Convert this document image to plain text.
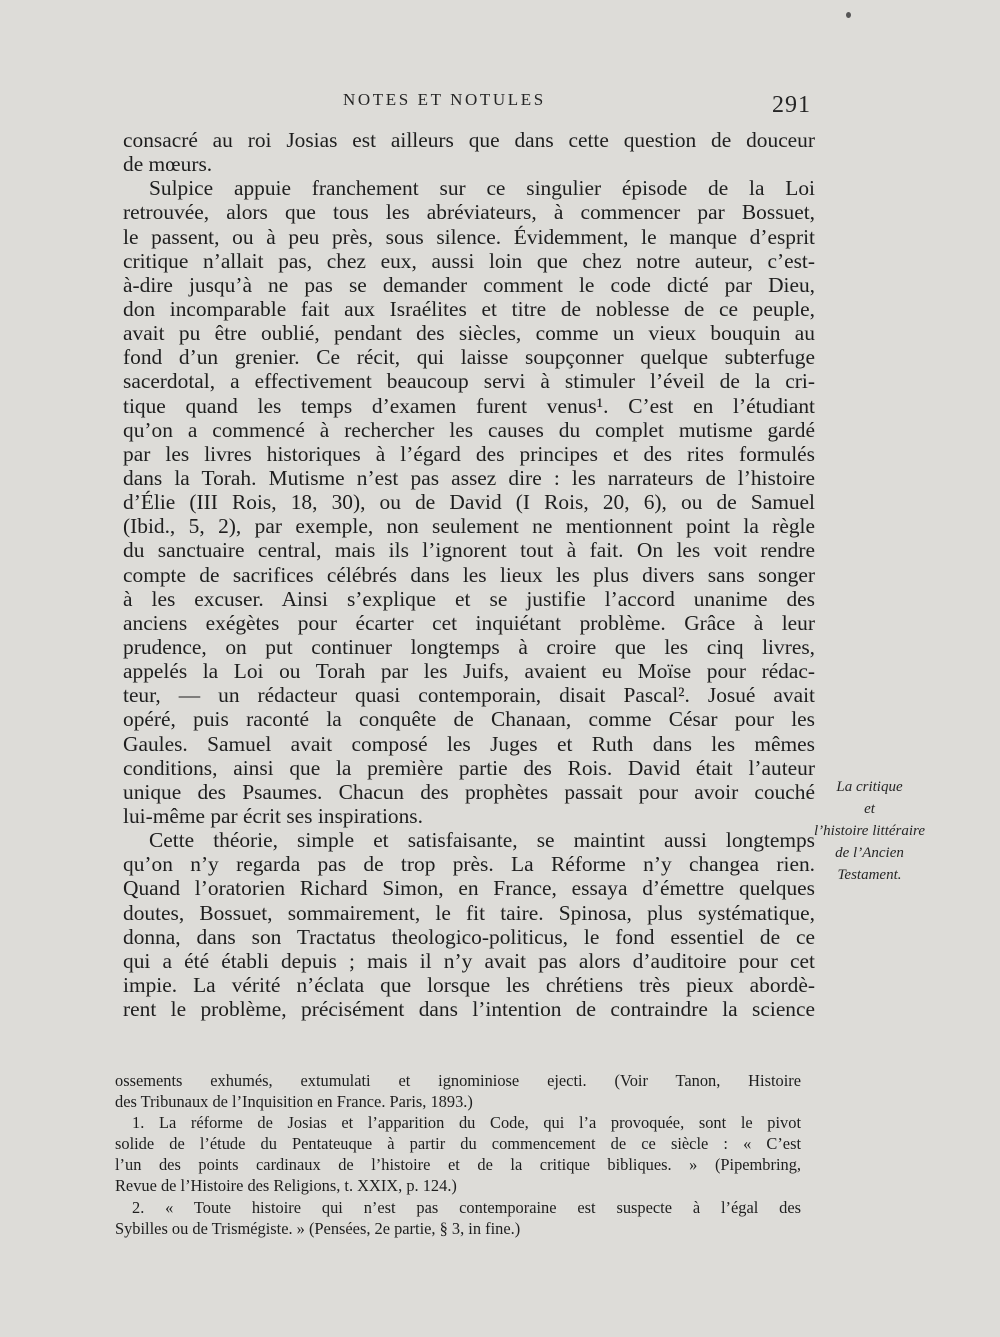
NOTES ET NOTULES	291
consacré au roi Josias est ailleurs que dans cette question de douceur
de mœurs.
Sulpice appuie franchement sur ce singulier épisode de la Loi
retrouvée, alors que tous les abréviateurs, à commencer par Bossuet,
le passent, ou à peu près, sous silence. Évidemment, le manque d’esprit
critique n’allait pas, chez eux, aussi loin que chez notre auteur, c’est-
à-dire jusqu’à ne pas se demander comment le code dicté par Dieu,
don incomparable fait aux Israélites et titre de noblesse de ce peuple,
avait pu être oublié, pendant des siècles, comme un vieux bouquin au
fond d’un grenier. Ce récit, qui laisse soupçonner quelque subterfuge
sacerdotal, a effectivement beaucoup servi à stimuler l’éveil de la cri-
tique quand les temps d’examen furent venus¹. C’est en l’étudiant
qu’on a commencé à rechercher les causes du complet mutisme gardé
par les livres historiques à l’égard des principes et des rites formulés
dans la Torah. Mutisme n’est pas assez dire : les narrateurs de l’histoire
d’Élie (III Rois, 18, 30), ou de David (I Rois, 20, 6), ou de Samuel
(Ibid., 5, 2), par exemple, non seulement ne mentionnent point la règle
du sanctuaire central, mais ils l’ignorent tout à fait. On les voit rendre
compte de sacrifices célébrés dans les lieux les plus divers sans songer
à les excuser. Ainsi s’explique et se justifie l’accord unanime des
anciens exégètes pour écarter cet inquiétant problème. Grâce à leur
prudence, on put continuer longtemps à croire que les cinq livres,
appelés la Loi ou Torah par les Juifs, avaient eu Moïse pour rédac-
teur, — un rédacteur quasi contemporain, disait Pascal². Josué avait
opéré, puis raconté la conquête de Chanaan, comme César pour les
Gaules. Samuel avait composé les Juges et Ruth dans les mêmes
conditions, ainsi que la première partie des Rois. David était l’auteur
unique des Psaumes. Chacun des prophètes passait pour avoir couché
lui-même par écrit ses inspirations.
Cette théorie, simple et satisfaisante, se maintint aussi longtemps
qu’on n’y regarda pas de trop près. La Réforme n’y changea rien.
Quand l’oratorien Richard Simon, en France, essaya d’émettre quelques
doutes, Bossuet, sommairement, le fit taire. Spinosa, plus systématique,
donna, dans son Tractatus theologico-politicus, le fond essentiel de ce
qui a été établi depuis ; mais il n’y avait pas alors d’auditoire pour cet
impie. La vérité n’éclata que lorsque les chrétiens très pieux abordè-
rent le problème, précisément dans l’intention de contraindre la science
La critique
et
l’histoire littéraire
de l’Ancien
Testament.
ossements exhumés, extumulati et ignominiose ejecti. (Voir Tanon, Histoire
des Tribunaux de l’Inquisition en France. Paris, 1893.)
1. La réforme de Josias et l’apparition du Code, qui l’a provoquée, sont le pivot
solide de l’étude du Pentateuque à partir du commencement de ce siècle : « C’est
l’un des points cardinaux de l’histoire et de la critique bibliques. » (Pipembring,
Revue de l’Histoire des Religions, t. XXIX, p. 124.)
2. « Toute histoire qui n’est pas contemporaine est suspecte à l’égal des
Sybilles ou de Trismégiste. » (Pensées, 2e partie, § 3, in fine.)
